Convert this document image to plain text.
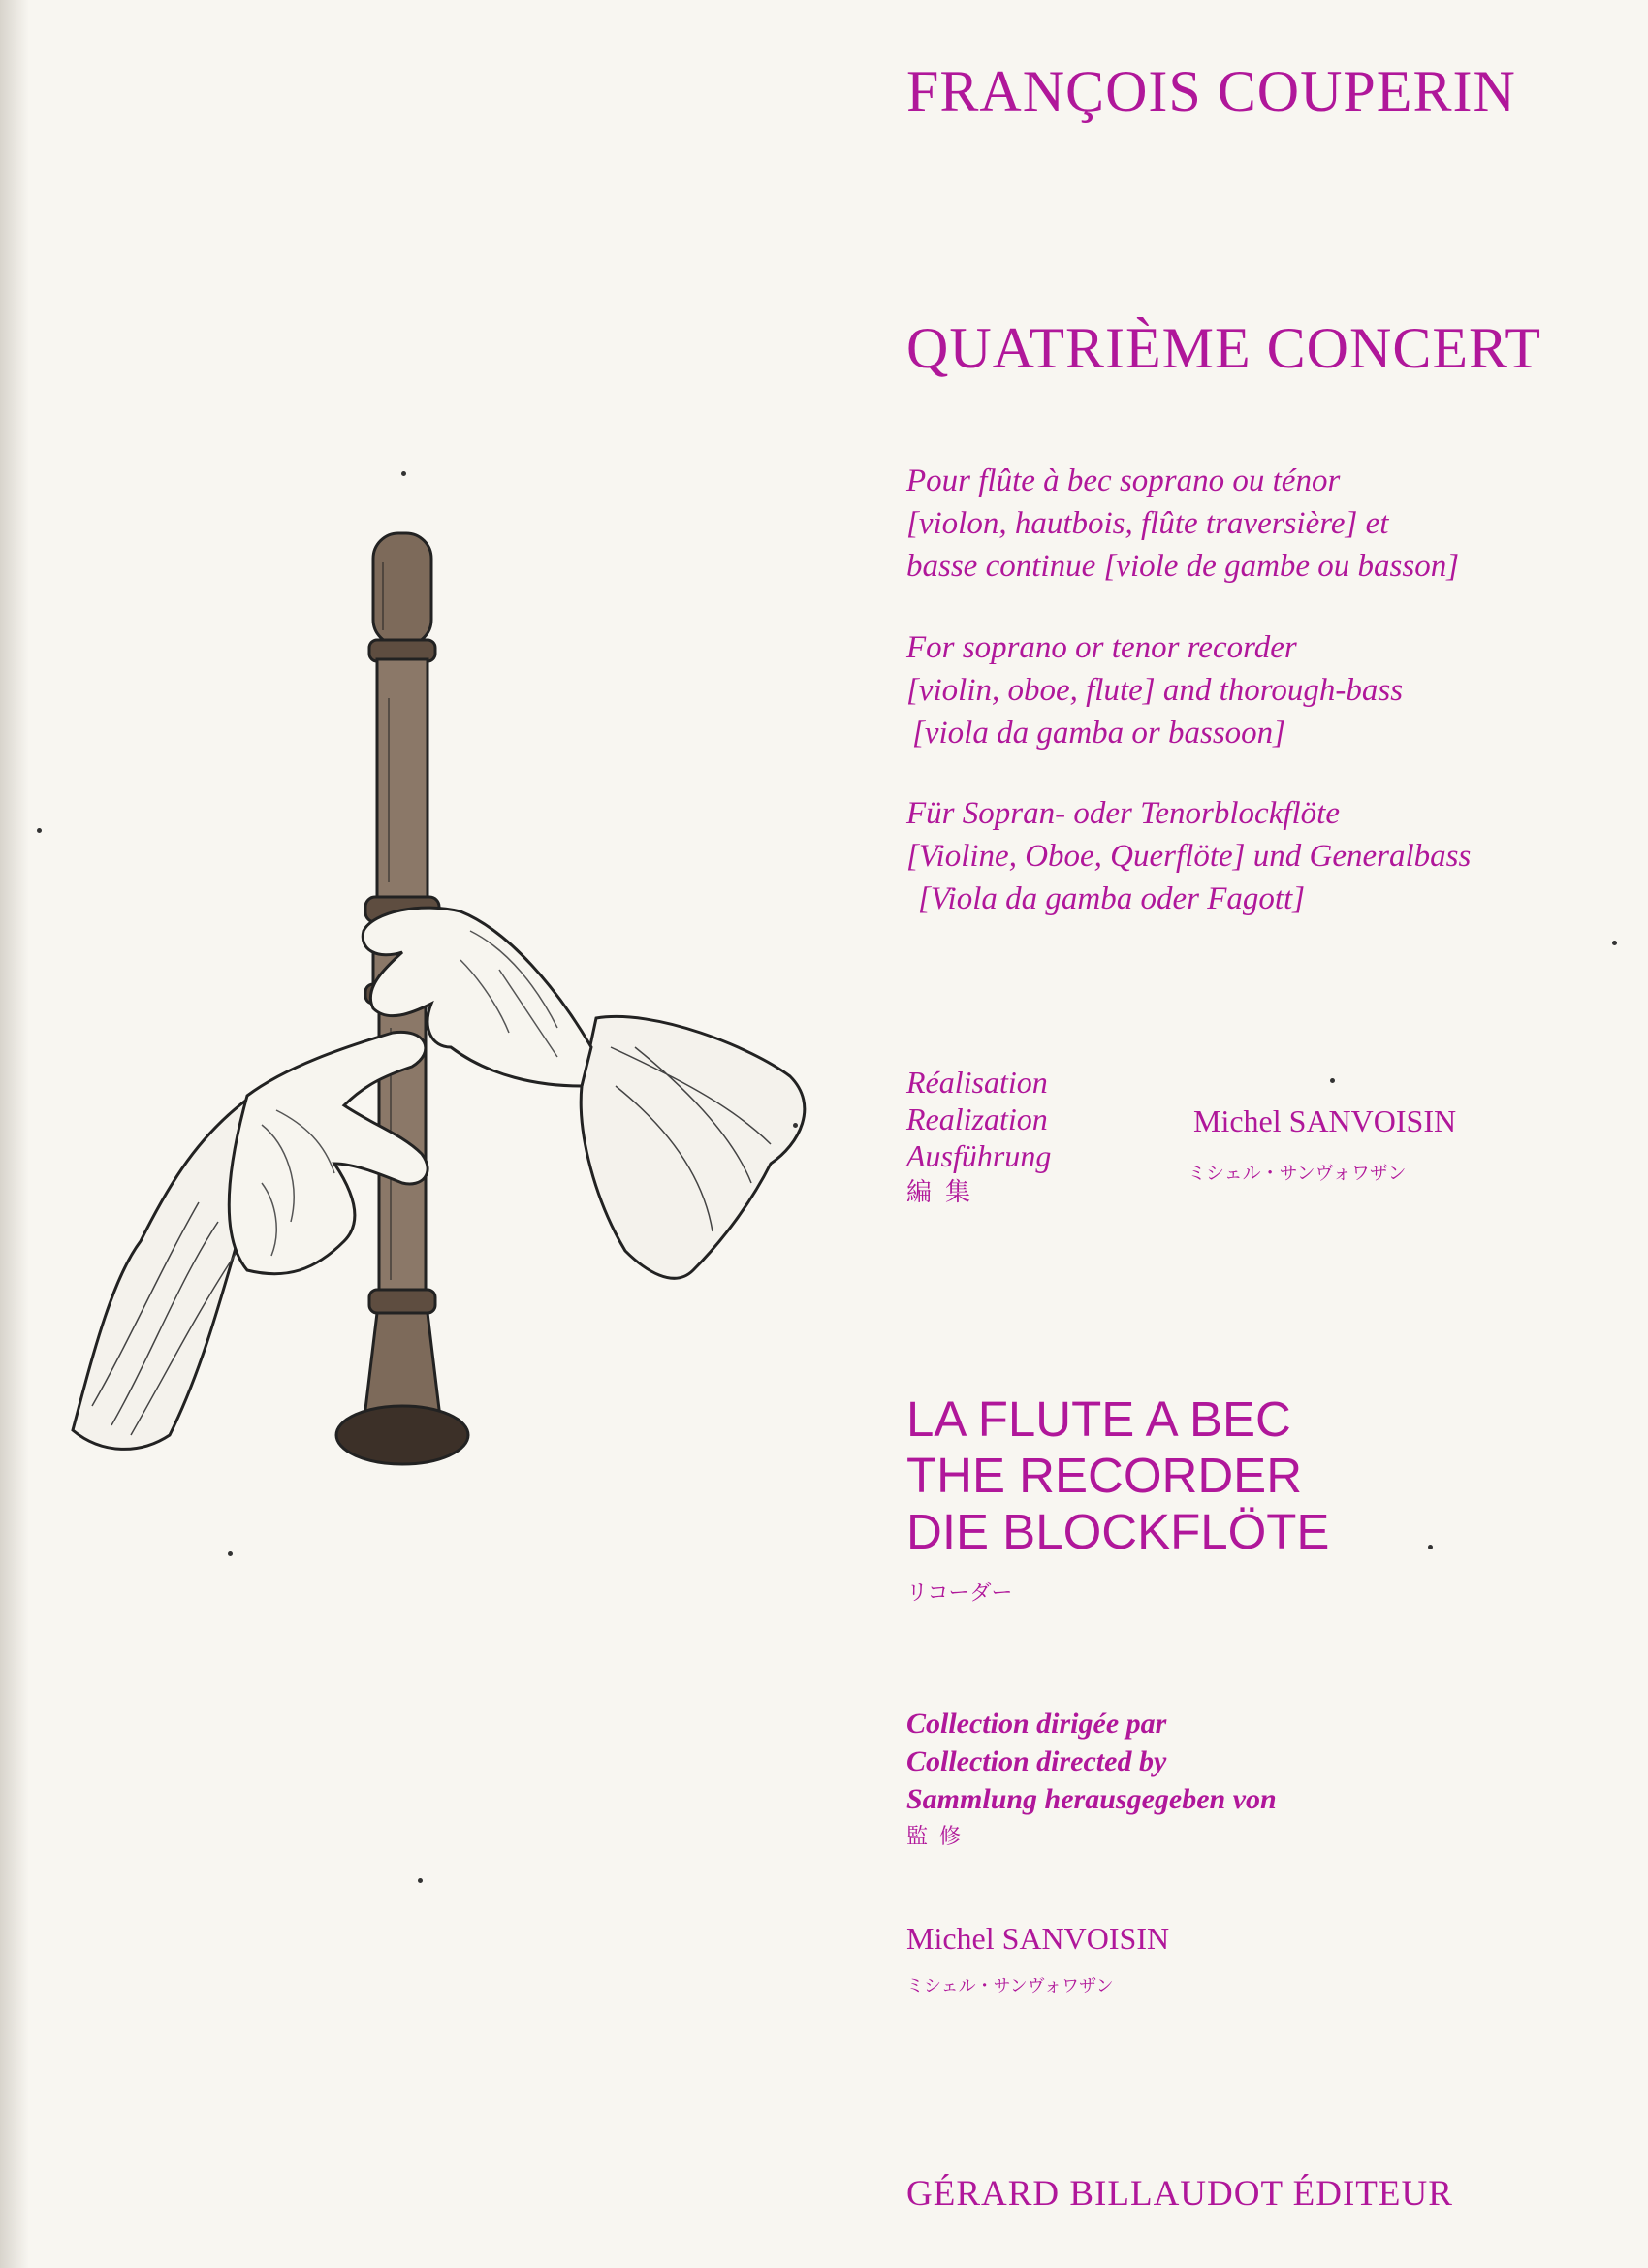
FRANÇOIS COUPERIN
QUATRIÈME CONCERT
Pour flûte à bec soprano ou ténor
[violon, hautbois, flûte traversière] et
basse continue [viole de gambe ou basson]
For soprano or tenor recorder
[violin, oboe, flute] and thorough-bass
[viola da gamba or bassoon]
Für Sopran- oder Tenorblockflöte
[Violine, Oboe, Querflöte] und Generalbass
[Viola da gamba oder Fagott]
Réalisation
Realization
Ausführung
編集
Michel SANVOISIN
ミシェル・サンヴォワザン
LA FLUTE A BEC
THE RECORDER
DIE BLOCKFLÖTE
リコーダー
Collection dirigée par
Collection directed by
Sammlung herausgegeben von
監修
Michel SANVOISIN
ミシェル・サンヴォワザン
GÉRARD BILLAUDOT ÉDITEUR
